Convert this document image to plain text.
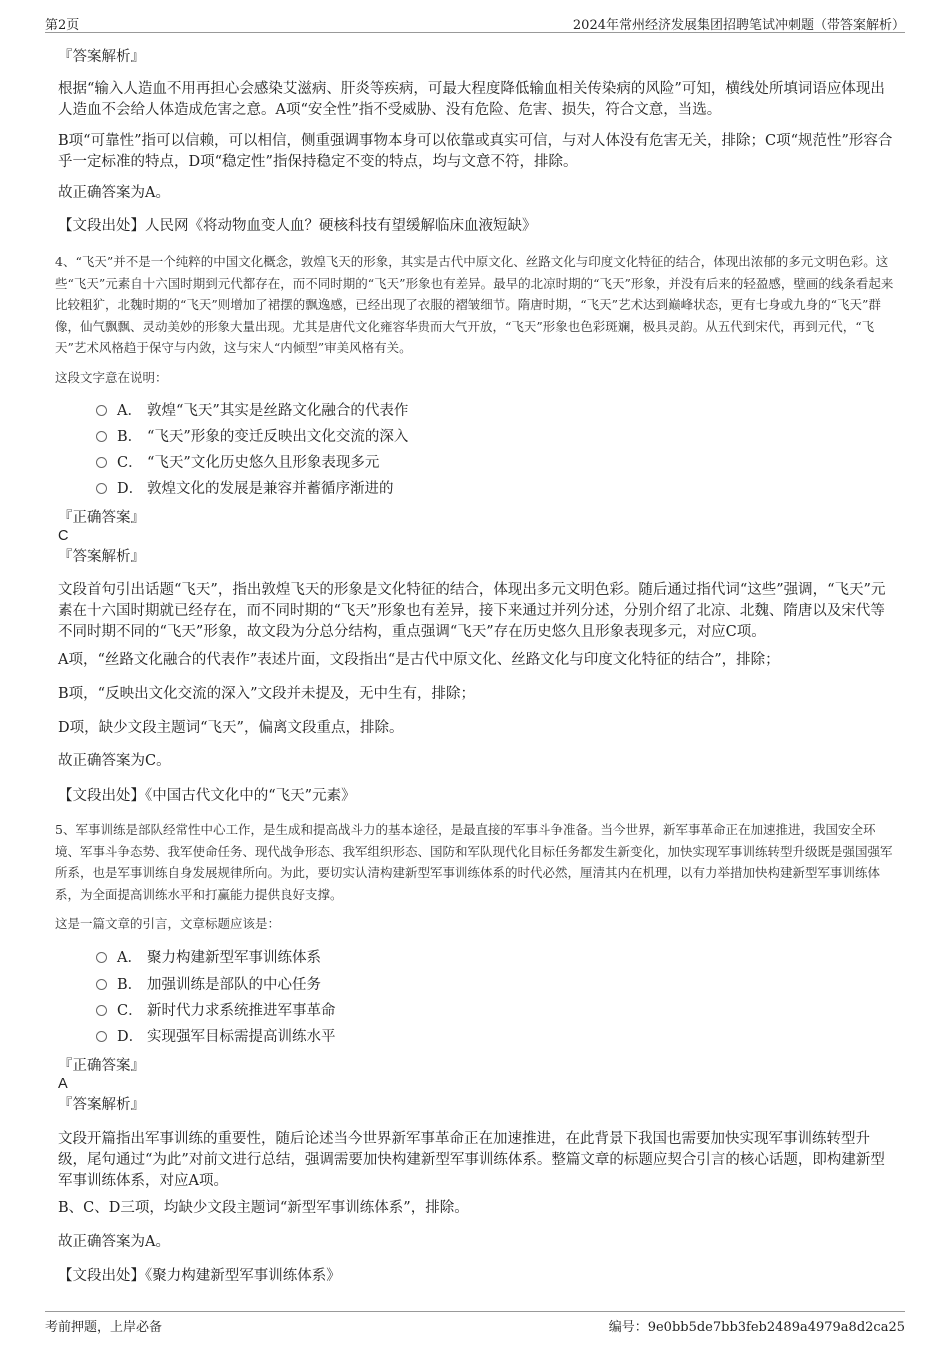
第2页	2024年常州经济发展集团招聘笔试冲刺题（带答案解析）
『答案解析』
根据“输入人造血不用再担心会感染艾滋病、肝炎等疾病，可最大程度降低输血相关传染病的风险”可知，横线处所填词语应体现出人造血不会给人体造成危害之意。A项“安全性”指不受威胁、没有危险、危害、损失，符合文意，当选。
B项“可靠性”指可以信赖，可以相信，侧重强调事物本身可以依靠或真实可信，与对人体没有危害无关，排除；C项“规范性”形容合乎一定标准的特点，D项“稳定性”指保持稳定不变的特点，均与文意不符，排除。
故正确答案为A。
【文段出处】人民网《将动物血变人血？硬核科技有望缓解临床血液短缺》
4、“飞天”并不是一个纯粹的中国文化概念，敦煌飞天的形象，其实是古代中原文化、丝路文化与印度文化特征的结合，体现出浓郁的多元文明色彩。这些“飞天”元素自十六国时期到元代都存在，而不同时期的“飞天”形象也有差异。最早的北凉时期的“飞天”形象，并没有后来的轻盈感，壁画的线条看起来比较粗犷，北魏时期的“飞天”则增加了裙摆的飘逸感，已经出现了衣服的褶皱细节。隋唐时期，“飞天”艺术达到巅峰状态，更有七身或九身的“飞天”群像，仙气飘飘、灵动美妙的形象大量出现。尤其是唐代文化雍容华贵而大气开放，“飞天”形象也色彩斑斓，极具灵韵。从五代到宋代，再到元代，“飞天”艺术风格趋于保守与内敛，这与宋人“内倾型”审美风格有关。
这段文字意在说明：
A． 敦煌“飞天”其实是丝路文化融合的代表作
B． “飞天”形象的变迁反映出文化交流的深入
C． “飞天”文化历史悠久且形象表现多元
D． 敦煌文化的发展是兼容并蓄循序渐进的
『正确答案』
C
『答案解析』
文段首句引出话题“飞天”，指出敦煌飞天的形象是文化特征的结合，体现出多元文明色彩。随后通过指代词“这些”强调，“飞天”元素在十六国时期就已经存在，而不同时期的“飞天”形象也有差异，接下来通过并列分述，分别介绍了北凉、北魏、隋唐以及宋代等不同时期不同的“飞天”形象，故文段为分总分结构，重点强调“飞天”存在历史悠久且形象表现多元，对应C项。
A项，“丝路文化融合的代表作”表述片面，文段指出“是古代中原文化、丝路文化与印度文化特征的结合”，排除；
B项，“反映出文化交流的深入”文段并未提及，无中生有，排除；
D项，缺少文段主题词“飞天”，偏离文段重点，排除。
故正确答案为C。
【文段出处】《中国古代文化中的“飞天”元素》
5、军事训练是部队经常性中心工作，是生成和提高战斗力的基本途径，是最直接的军事斗争准备。当今世界，新军事革命正在加速推进，我国安全环境、军事斗争态势、我军使命任务、现代战争形态、我军组织形态、国防和军队现代化目标任务都发生新变化，加快实现军事训练转型升级既是强国强军所系，也是军事训练自身发展规律所向。为此，要切实认清构建新型军事训练体系的时代必然，厘清其内在机理，以有力举措加快构建新型军事训练体系，为全面提高训练水平和打赢能力提供良好支撑。
这是一篇文章的引言，文章标题应该是：
A． 聚力构建新型军事训练体系
B． 加强训练是部队的中心任务
C． 新时代力求系统推进军事革命
D． 实现强军目标需提高训练水平
『正确答案』
A
『答案解析』
文段开篇指出军事训练的重要性，随后论述当今世界新军事革命正在加速推进，在此背景下我国也需要加快实现军事训练转型升级，尾句通过“为此”对前文进行总结，强调需要加快构建新型军事训练体系。整篇文章的标题应契合引言的核心话题，即构建新型军事训练体系，对应A项。
B、C、D三项，均缺少文段主题词“新型军事训练体系”，排除。
故正确答案为A。
【文段出处】《聚力构建新型军事训练体系》
考前押题，上岸必备	编号：9e0bb5de7bb3feb2489a4979a8d2ca25
